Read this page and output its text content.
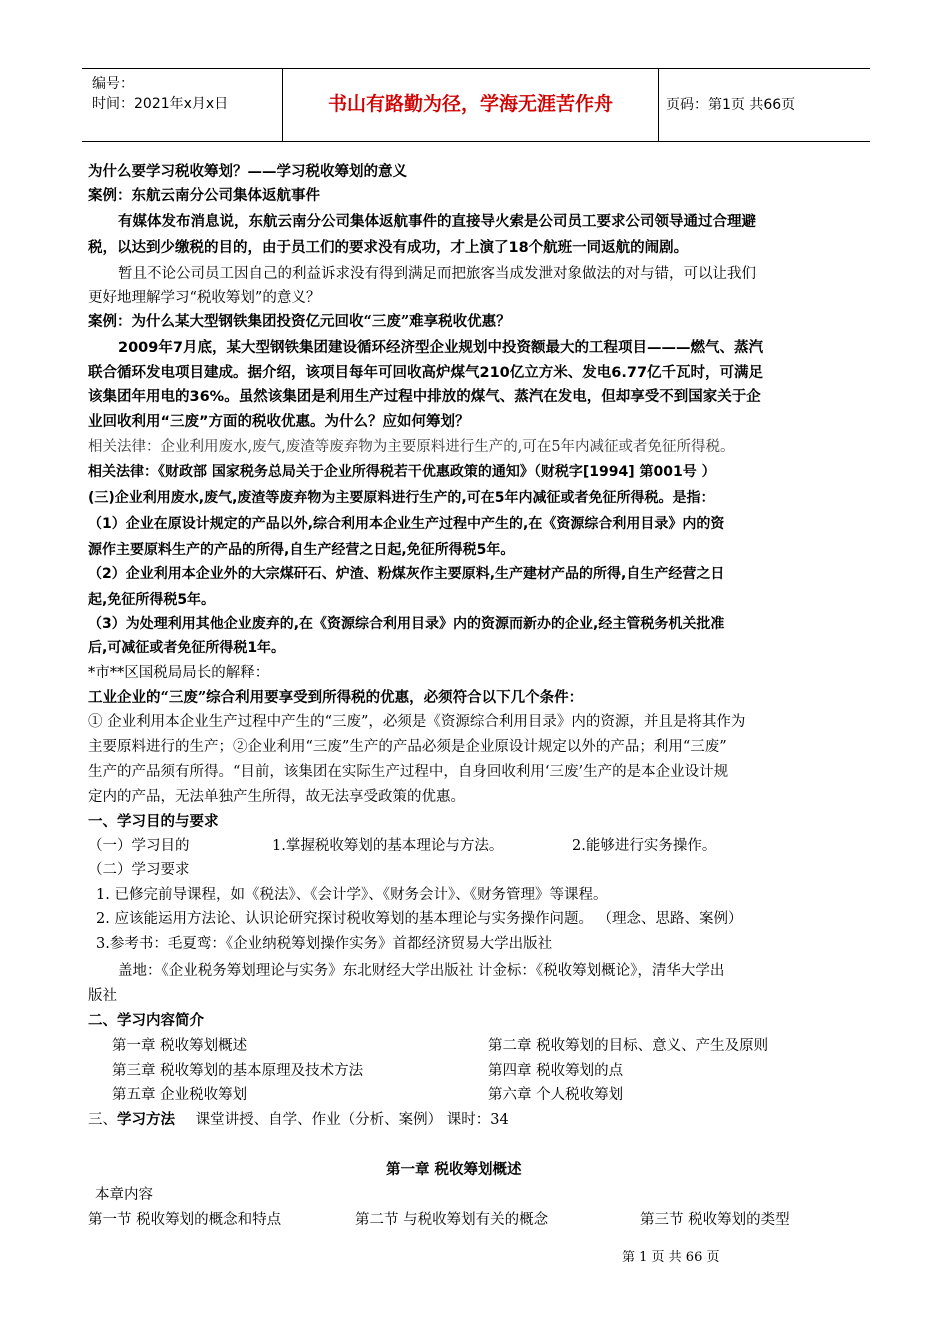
编号：
时间：2021年x月x日	书山有路勤为径，学海无涯苦作舟	页码：第1页 共66页
为什么要学习税收筹划？——学习税收筹划的意义
案例：东航云南分公司集体返航事件
有媒体发布消息说，东航云南分公司集体返航事件的直接导火索是公司员工要求公司领导通过合理避
税，以达到少缴税的目的，由于员工们的要求没有成功，才上演了18个航班一同返航的闹剧。
暂且不论公司员工因自己的利益诉求没有得到满足而把旅客当成发泄对象做法的对与错，可以让我们
更好地理解学习“税收筹划”的意义？
案例：为什么某大型钢铁集团投资亿元回收“三废”难享税收优惠？
2009年7月底，某大型钢铁集团建设循环经济型企业规划中投资额最大的工程项目———燃气、蒸汽
联合循环发电项目建成。据介绍，该项目每年可回收高炉煤气210亿立方米、发电6.77亿千瓦时，可满足
该集团年用电的36%。虽然该集团是利用生产过程中排放的煤气、蒸汽在发电，但却享受不到国家关于企
业回收利用“三废”方面的税收优惠。为什么？应如何筹划？
相关法律：企业利用废水,废气,废渣等废弃物为主要原料进行生产的,可在5年内减征或者免征所得税。
相关法律：《财政部 国家税务总局关于企业所得税若干优惠政策的通知》（财税字[1994] 第001号 ）
(三)企业利用废水,废气,废渣等废弃物为主要原料进行生产的,可在5年内减征或者免征所得税。是指：
（1）企业在原设计规定的产品以外,综合利用本企业生产过程中产生的,在《资源综合利用目录》内的资
源作主要原料生产的产品的所得,自生产经营之日起,免征所得税5年。
（2）企业利用本企业外的大宗煤矸石、炉渣、粉煤灰作主要原料,生产建材产品的所得,自生产经营之日
起,免征所得税5年。
（3）为处理利用其他企业废弃的,在《资源综合利用目录》内的资源而新办的企业,经主管税务机关批准
后,可减征或者免征所得税1年。
*市**区国税局局长的解释：
工业企业的“三废”综合利用要享受到所得税的优惠，必须符合以下几个条件：
① 企业利用本企业生产过程中产生的“三废”，必须是《资源综合利用目录》内的资源，并且是将其作为
主要原料进行的生产；②企业利用“三废”生产的产品必须是企业原设计规定以外的产品；利用“三废”
生产的产品须有所得。“目前，该集团在实际生产过程中，自身回收利用‘三废’生产的是本企业设计规
定内的产品，无法单独产生所得，故无法享受政策的优惠。
一、学习目的与要求
（一）学习目的	1.掌握税收筹划的基本理论与方法。	2.能够进行实务操作。
（二）学习要求
1. 已修完前导课程，如《税法》、《会计学》、《财务会计》、《财务管理》等课程。
2. 应该能运用方法论、认识论研究探讨税收筹划的基本理论与实务操作问题。 （理念、思路、案例）
3.参考书：毛夏鸾：《企业纳税筹划操作实务》首都经济贸易大学出版社
盖地：《企业税务筹划理论与实务》东北财经大学出版社 计金标：《税收筹划概论》，清华大学出
版社
二、学习内容简介
第一章 税收筹划概述	第二章 税收筹划的目标、意义、产生及原则
第三章 税收筹划的基本原理及技术方法	第四章 税收筹划的点
第五章 企业税收筹划	第六章 个人税收筹划
三、学习方法 课堂讲授、自学、作业（分析、案例） 课时：34
第一章 税收筹划概述
本章内容
第一节 税收筹划的概念和特点	第二节 与税收筹划有关的概念	第三节 税收筹划的类型
第 1 页 共 66 页
